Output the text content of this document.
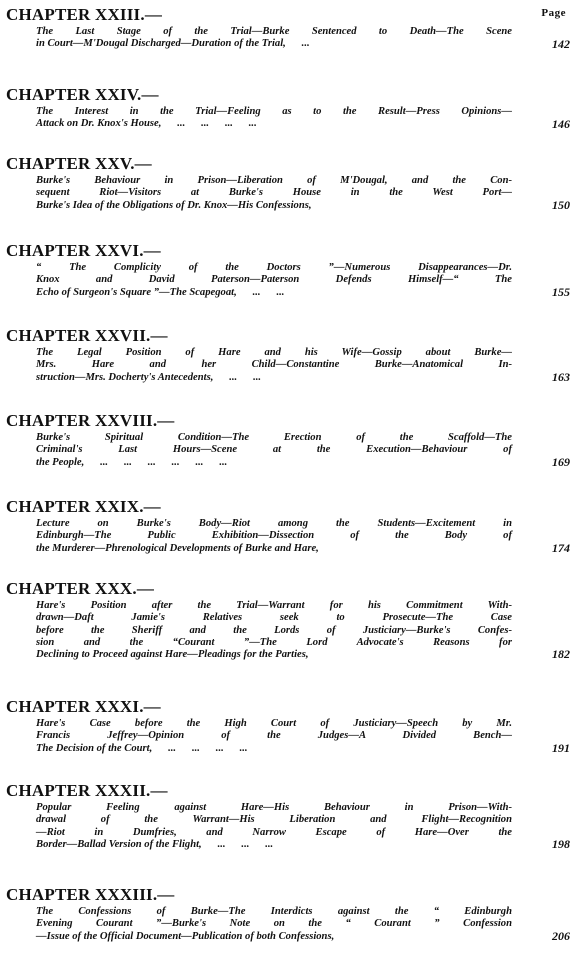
Page
CHAPTER XXIII.—
The Last Stage of the Trial—Burke Sentenced to Death—The Scene
in Court—M'Dougal Discharged—Duration of the Trial,      ...	142
CHAPTER XXIV.—
The Interest in the Trial—Feeling as to the Result—Press Opinions—
Attack on Dr. Knox's House,      ...      ...      ...      ...	146
CHAPTER XXV.—
Burke's Behaviour in Prison—Liberation of M'Dougal, and the Con-
sequent Riot—Visitors at Burke's House in the West Port—
Burke's Idea of the Obligations of Dr. Knox—His Confessions,	150
CHAPTER XXVI.—
“ The Complicity of the Doctors ”—Numerous Disappearances—Dr.
Knox and David Paterson—Paterson Defends Himself—“ The
Echo of Surgeon's Square ”—The Scapegoat,      ...      ...	155
CHAPTER XXVII.—
The Legal Position of Hare and his Wife—Gossip about Burke—
Mrs. Hare and her Child—Constantine Burke—Anatomical In-
struction—Mrs. Docherty's Antecedents,      ...      ...	163
CHAPTER XXVIII.—
Burke's Spiritual Condition—The Erection of the Scaffold—The
Criminal's Last Hours—Scene at the Execution—Behaviour of
the People,      ...      ...      ...      ...      ...      ...	169
CHAPTER XXIX.—
Lecture on Burke's Body—Riot among the Students—Excitement in
Edinburgh—The Public Exhibition—Dissection of the Body of
the Murderer—Phrenological Developments of Burke and Hare,	174
CHAPTER XXX.—
Hare's Position after the Trial—Warrant for his Commitment With-
drawn—Daft Jamie's Relatives seek to Prosecute—The Case
before the Sheriff and the Lords of Justiciary—Burke's Confes-
sion and the “Courant ”—The Lord Advocate's Reasons for
Declining to Proceed against Hare—Pleadings for the Parties,	182
CHAPTER XXXI.—
Hare's Case before the High Court of Justiciary—Speech by Mr.
Francis Jeffrey—Opinion of the Judges—A Divided Bench—
The Decision of the Court,      ...      ...      ...      ...	191
CHAPTER XXXII.—
Popular Feeling against Hare—His Behaviour in Prison—With-
drawal of the Warrant—His Liberation and Flight—Recognition
—Riot in Dumfries, and Narrow Escape of Hare—Over the
Border—Ballad Version of the Flight,      ...      ...      ...	198
CHAPTER XXXIII.—
The Confessions of Burke—The Interdicts against the “ Edinburgh
Evening Courant ”—Burke's Note on the “ Courant ” Confession
—Issue of the Official Document—Publication of both Confessions,	206
